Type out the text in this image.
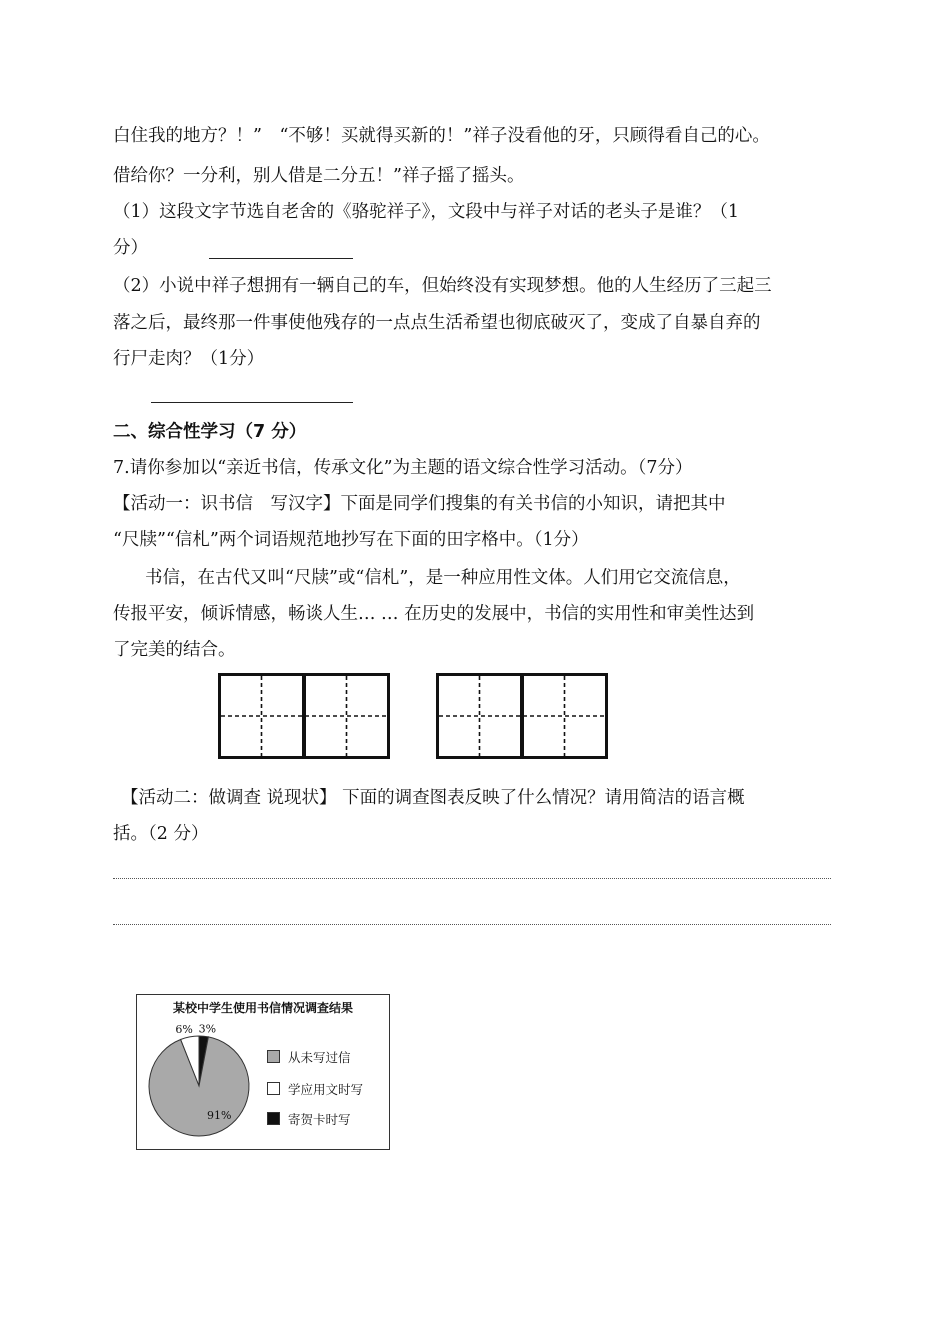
白住我的地方？！”　“不够！买就得买新的！”祥子没看他的牙，只顾得看自己的心。
借给你？一分利，别人借是二分五！”祥子摇了摇头。
（1）这段文字节选自老舍的《骆驼祥子》，文段中与祥子对话的老头子是谁？（1
分）
（2）小说中祥子想拥有一辆自己的车，但始终没有实现梦想。他的人生经历了三起三
落之后，最终那一件事使他残存的一点点生活希望也彻底破灭了，变成了自暴自弃的
行尸走肉？（1分）
二、综合性学习（7 分）
7.请你参加以“亲近书信，传承文化”为主题的语文综合性学习活动。（7分）
【活动一：识书信　写汉字】下面是同学们搜集的有关书信的小知识，请把其中
“尺牍”“信札”两个词语规范地抄写在下面的田字格中。（1分）
书信，在古代又叫“尺牍”或“信札”，是一种应用性文体。人们用它交流信息，
传报平安，倾诉情感，畅谈人生… … 在历史的发展中，书信的实用性和审美性达到
了完美的结合。
【活动二：做调查 说现状】 下面的调查图表反映了什么情况？请用简洁的语言概
括。（2 分）
某校中学生使用书信情况调查结果
91%
6% 3%
从未写过信
学应用文时写
寄贺卡时写
